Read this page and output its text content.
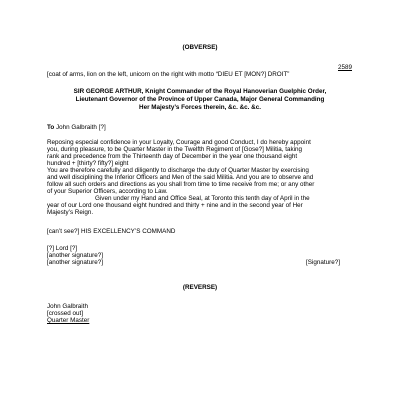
(OBVERSE)
2589
[coat of arms, lion on the left, unicorn on the right with motto “DIEU ET [MON?] DROIT”
SIR GEORGE ARTHUR, Knight Commander of the Royal Hanoverian Guelphic Order,
Lieutenant Governor of the Province of Upper Canada, Major General Commanding
Her Majesty’s Forces therein, &c. &c. &c.
To John Galbraith [?]
Reposing especial confidence in your Loyalty, Courage and good Conduct, I do hereby appoint
you, during pleasure, to be Quarter Master in the Twelfth Regiment of [Gose?] Militia, taking
rank and precedence from the Thirteenth day of December in the year one thousand eight
hundred + [thirty? fifty?] eight
You are therefore carefully and diligently to discharge the duty of Quarter Master by exercising
and well disciplining the Inferior Officers and Men of the said Militia. And you are to observe and
follow all such orders and directions as you shall from time to time receive from me; or any other
of your Superior Officers, according to Law.
Given under my Hand and Office Seal, at Toronto this tenth day of April in the
year of our Lord one thousand eight hundred and thirty + nine and in the second year of Her
Majesty’s Reign.
[can’t see?] HIS EXCELLENCY’S COMMAND
[?] Lord [?]
[another signature?]
[another signature?]	[Signature?]
(REVERSE)
John Galbraith
[crossed out]
Quarter Master
